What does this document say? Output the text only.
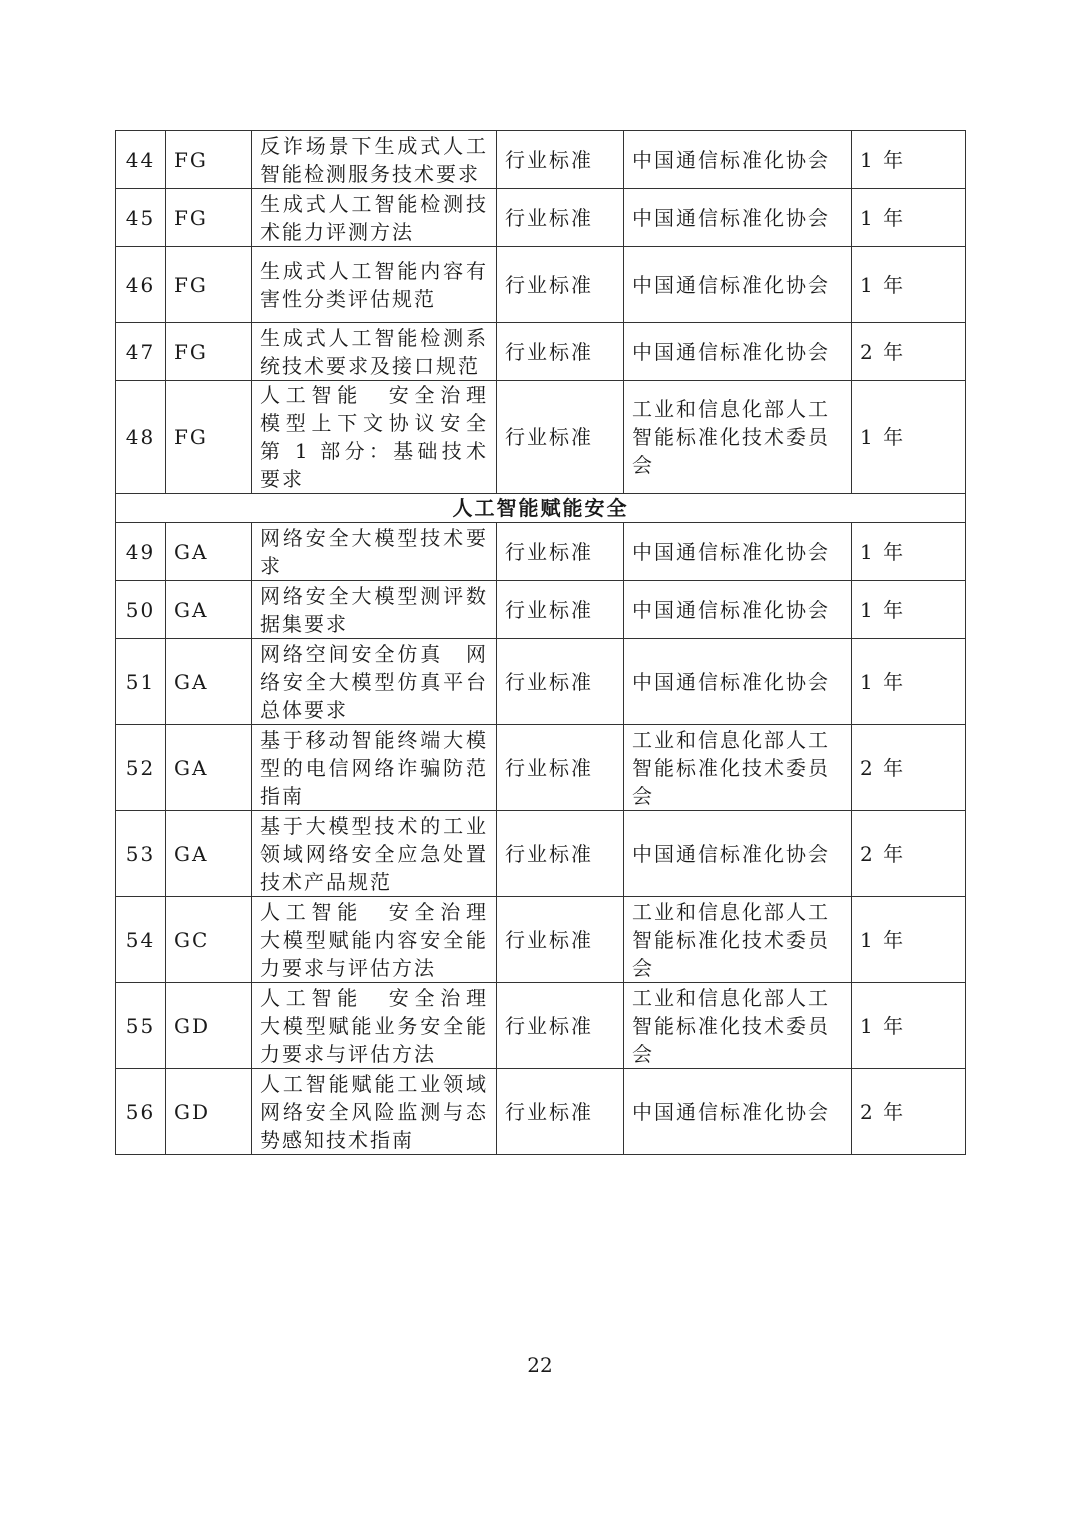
44	FG	反诈场景下生成式人工智能检测服务技术要求	行业标准	中国通信标准化协会	1 年
45	FG	生成式人工智能检测技术能力评测方法	行业标准	中国通信标准化协会	1 年
46	FG	生成式人工智能内容有害性分类评估规范	行业标准	中国通信标准化协会	1 年
47	FG	生成式人工智能检测系统技术要求及接口规范	行业标准	中国通信标准化协会	2 年
48	FG	人工智能　安全治理　模型上下文协议安全　第 1 部分：基础技术要求	行业标准	工业和信息化部人工智能标准化技术委员会	1 年
人工智能赋能安全					
49	GA	网络安全大模型技术要求	行业标准	中国通信标准化协会	1 年
50	GA	网络安全大模型测评数据集要求	行业标准	中国通信标准化协会	1 年
51	GA	网络空间安全仿真　网络安全大模型仿真平台总体要求	行业标准	中国通信标准化协会	1 年
52	GA	基于移动智能终端大模型的电信网络诈骗防范指南	行业标准	工业和信息化部人工智能标准化技术委员会	2 年
53	GA	基于大模型技术的工业领域网络安全应急处置技术产品规范	行业标准	中国通信标准化协会	2 年
54	GC	人工智能　安全治理　大模型赋能内容安全能力要求与评估方法	行业标准	工业和信息化部人工智能标准化技术委员会	1 年
55	GD	人工智能　安全治理　大模型赋能业务安全能力要求与评估方法	行业标准	工业和信息化部人工智能标准化技术委员会	1 年
56	GD	人工智能赋能工业领域网络安全风险监测与态势感知技术指南	行业标准	中国通信标准化协会	2 年
22
